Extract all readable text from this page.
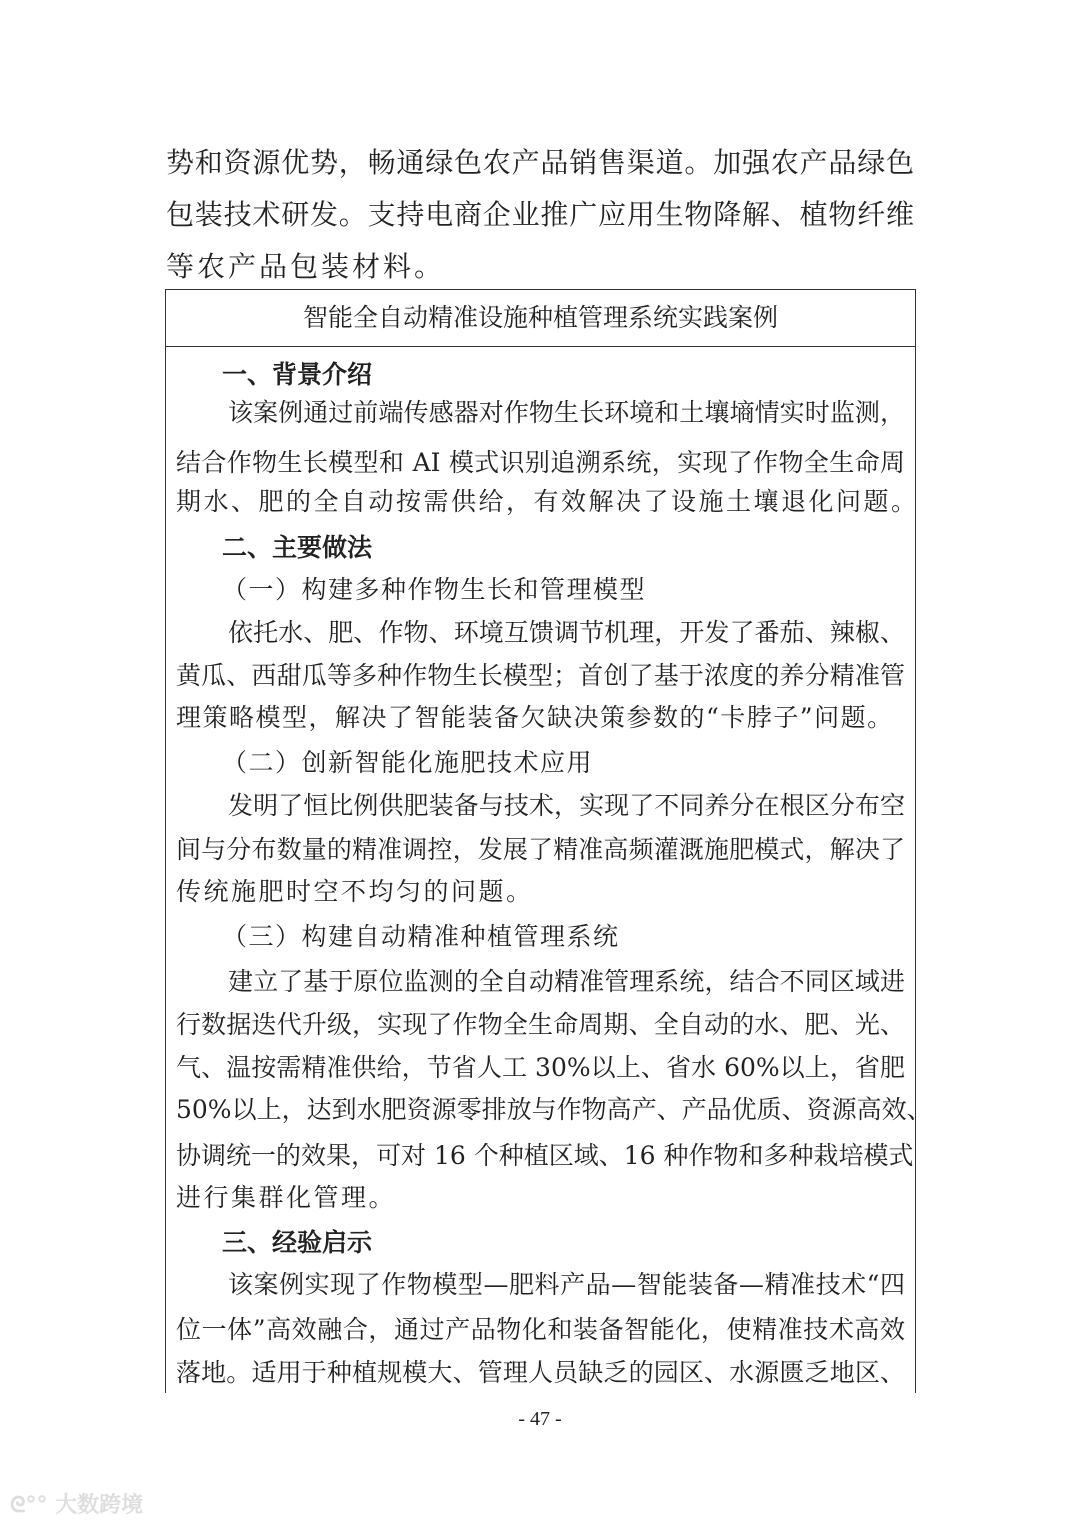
势和资源优势，畅通绿色农产品销售渠道。加强农产品绿色
包装技术研发。支持电商企业推广应用生物降解、植物纤维
等农产品包装材料。
智能全自动精准设施种植管理系统实践案例
一、背景介绍
该案例通过前端传感器对作物生长环境和土壤墒情实时监测，
结合作物生长模型和 AI 模式识别追溯系统，实现了作物全生命周
期水、肥的全自动按需供给，有效解决了设施土壤退化问题。
二、主要做法
（一）构建多种作物生长和管理模型
依托水、肥、作物、环境互馈调节机理，开发了番茄、辣椒、
黄瓜、西甜瓜等多种作物生长模型；首创了基于浓度的养分精准管
理策略模型，解决了智能装备欠缺决策参数的“卡脖子”问题。
（二）创新智能化施肥技术应用
发明了恒比例供肥装备与技术，实现了不同养分在根区分布空
间与分布数量的精准调控，发展了精准高频灌溉施肥模式，解决了
传统施肥时空不均匀的问题。
（三）构建自动精准种植管理系统
建立了基于原位监测的全自动精准管理系统，结合不同区域进
行数据迭代升级，实现了作物全生命周期、全自动的水、肥、光、
气、温按需精准供给，节省人工 30%以上、省水 60%以上，省肥
50%以上，达到水肥资源零排放与作物高产、产品优质、资源高效、
协调统一的效果，可对 16 个种植区域、16 种作物和多种栽培模式
进行集群化管理。
三、经验启示
该案例实现了作物模型—肥料产品—智能装备—精准技术“四
位一体”高效融合，通过产品物化和装备智能化，使精准技术高效
落地。适用于种植规模大、管理人员缺乏的园区、水源匮乏地区、
- 47 -
ᘓ°° 大数跨境
